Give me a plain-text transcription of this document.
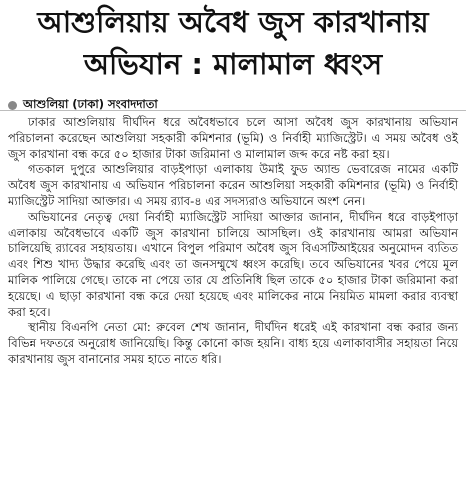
আশুলিয়ায় অবৈধ জুস কারখানায়
অভিযান : মালামাল ধ্বংস
আশুলিয়া (ঢাকা) সংবাদদাতা

ঢাকার আশুলিয়ায় দীর্ঘদিন ধরে অবৈধভাবে চলে আসা অবৈধ জুস কারখানায় অভিযান পরিচালনা করেছেন আশুলিয়া সহকারী কমিশনার (ভূমি) ও নির্বাহী ম্যাজিস্ট্রেট। এ সময় অবৈধ ওই জুস কারখানা বন্ধ করে ৫০ হাজার টাকা জরিমানা ও মালামাল জব্দ করে নষ্ট করা হয়।

গতকাল দুপুরে আশুলিয়ার বাড়ইপাড়া এলাকায় উমাই ফুড অ্যান্ড ভেবারেজ নামের একটি অবৈধ জুস কারখানায় এ অভিযান পরিচালনা করেন আশুলিয়া সহকারী কমিশনার (ভূমি) ও নির্বাহী ম্যাজিস্ট্রেট সাদিয়া আক্তার। এ সময় র‌্যাব-৪ এর সদস্যরাও অভিযানে অংশ নেন।

অভিযানের নেতৃত্ব দেয়া নির্বাহী ম্যাজিস্ট্রেট সাদিয়া আক্তার জানান, দীর্ঘদিন ধরে বাড়ইপাড়া এলাকায় অবৈধভাবে একটি জুস কারখানা চালিয়ে আসছিল। ওই কারখানায় আমরা অভিযান চালিয়েছি র‌্যাবের সহায়তায়। এখানে বিপুল পরিমাণ অবৈধ জুস বিএসটিআইয়ের অনুমোদন ব্যতিত এবং শিশু খাদ্য উদ্ধার করেছি এবং তা জনসম্মুখে ধ্বংস করেছি। তবে অভিযানের খবর পেয়ে মূল মালিক পালিয়ে গেছে। তাকে না পেয়ে তার যে প্রতিনিধি ছিল তাকে ৫০ হাজার টাকা জরিমানা করা হয়েছে। এ ছাড়া কারখানা বন্ধ করে দেয়া হয়েছে এবং মালিকের নামে নিয়মিত মামলা করার ব্যবস্থা করা হবে।

স্থানীয় বিএনপি নেতা মো: রুবেল শেখ জানান, দীর্ঘদিন ধরেই এই কারখানা বন্ধ করার জন্য বিভিন্ন দফতরে অনুরোধ জানিয়েছি। কিন্তু কোনো কাজ হয়নি। বাধ্য হয়ে এলাকাবাসীর সহায়তা নিয়ে কারখানায় জুস বানানোর সময় হাতে নাতে ধরি।
